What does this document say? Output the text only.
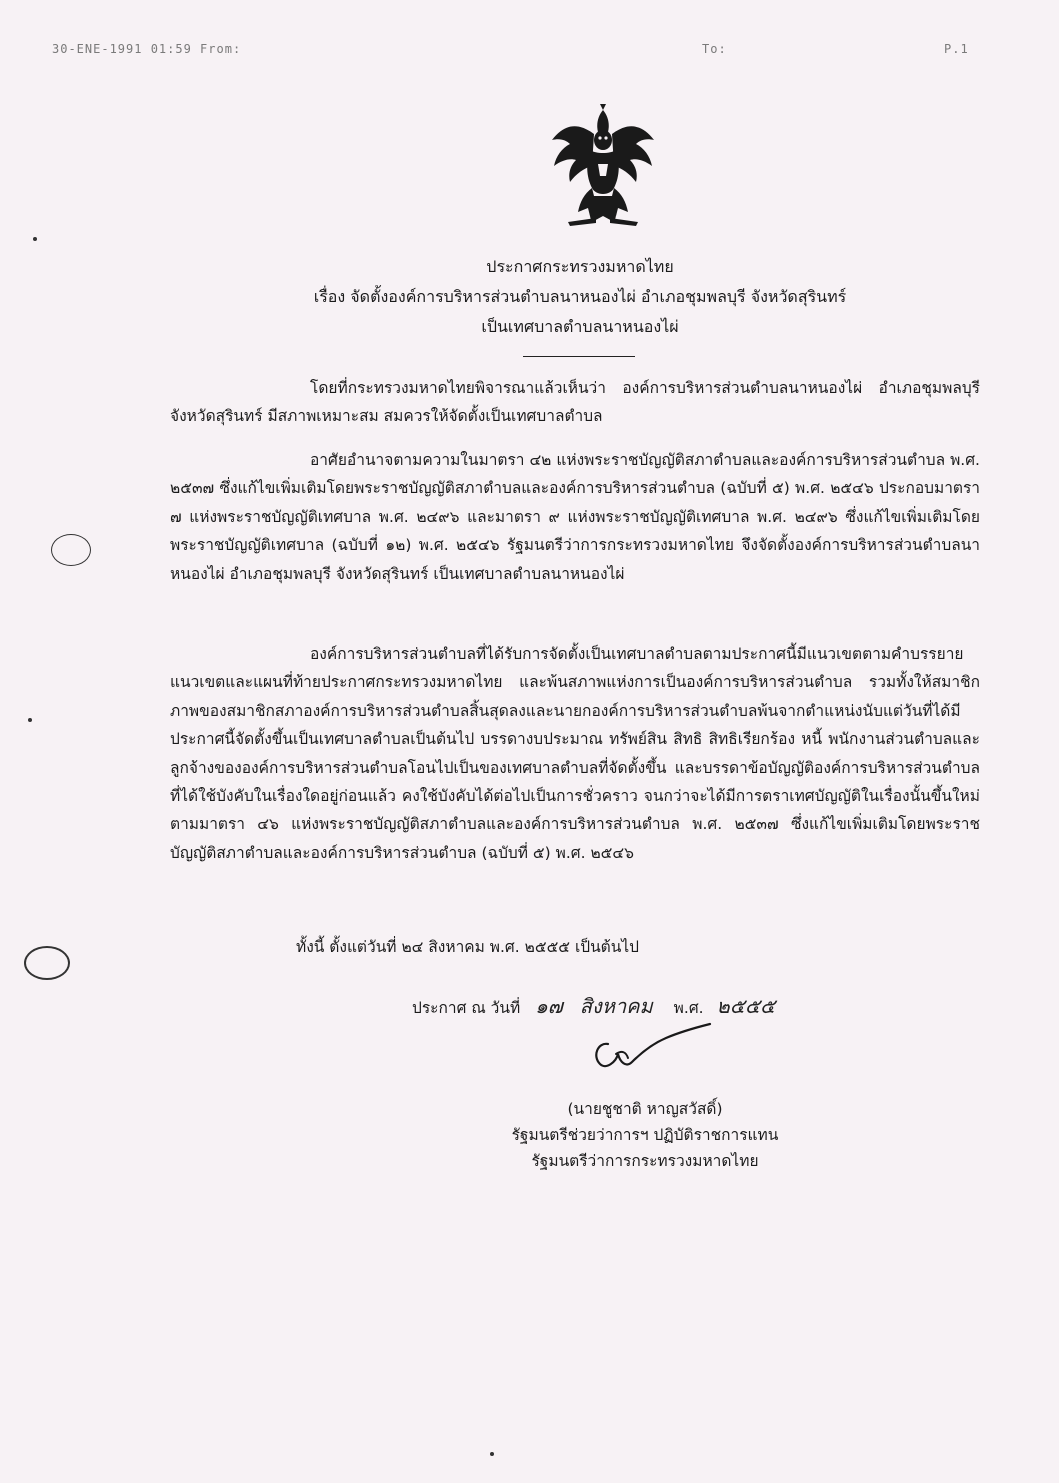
30-ENE-1991 01:59 From:	To:	P.1
ประกาศกระทรวงมหาดไทย
เรื่อง จัดตั้งองค์การบริหารส่วนตำบลนาหนองไผ่ อำเภอชุมพลบุรี จังหวัดสุรินทร์
เป็นเทศบาลตำบลนาหนองไผ่

โดยที่กระทรวงมหาดไทยพิจารณาแล้วเห็นว่า องค์การบริหารส่วนตำบลนาหนองไผ่ อำเภอชุมพลบุรี จังหวัดสุรินทร์ มีสภาพเหมาะสม สมควรให้จัดตั้งเป็นเทศบาลตำบล

อาศัยอำนาจตามความในมาตรา ๔๒ แห่งพระราชบัญญัติสภาตำบลและองค์การบริหารส่วนตำบล พ.ศ. ๒๕๓๗ ซึ่งแก้ไขเพิ่มเติมโดยพระราชบัญญัติสภาตำบลและองค์การบริหารส่วนตำบล (ฉบับที่ ๕) พ.ศ. ๒๕๔๖ ประกอบมาตรา ๗ แห่งพระราชบัญญัติเทศบาล พ.ศ. ๒๔๙๖ และมาตรา ๙ แห่งพระราชบัญญัติเทศบาล พ.ศ. ๒๔๙๖ ซึ่งแก้ไขเพิ่มเติมโดยพระราชบัญญัติเทศบาล (ฉบับที่ ๑๒) พ.ศ. ๒๕๔๖ รัฐมนตรีว่าการกระทรวงมหาดไทย จึงจัดตั้งองค์การบริหารส่วนตำบลนาหนองไผ่ อำเภอชุมพลบุรี จังหวัดสุรินทร์ เป็นเทศบาลตำบลนาหนองไผ่

องค์การบริหารส่วนตำบลที่ได้รับการจัดตั้งเป็นเทศบาลตำบลตามประกาศนี้มีแนวเขตตามคำบรรยายแนวเขตและแผนที่ท้ายประกาศกระทรวงมหาดไทย และพ้นสภาพแห่งการเป็นองค์การบริหารส่วนตำบล รวมทั้งให้สมาชิกภาพของสมาชิกสภาองค์การบริหารส่วนตำบลสิ้นสุดลงและนายกองค์การบริหารส่วนตำบลพ้นจากตำแหน่งนับแต่วันที่ได้มีประกาศนี้จัดตั้งขึ้นเป็นเทศบาลตำบลเป็นต้นไป บรรดางบประมาณ ทรัพย์สิน สิทธิ สิทธิเรียกร้อง หนี้ พนักงานส่วนตำบลและลูกจ้างขององค์การบริหารส่วนตำบลโอนไปเป็นของเทศบาลตำบลที่จัดตั้งขึ้น และบรรดาข้อบัญญัติองค์การบริหารส่วนตำบลที่ได้ใช้บังคับในเรื่องใดอยู่ก่อนแล้ว คงใช้บังคับได้ต่อไปเป็นการชั่วคราว จนกว่าจะได้มีการตราเทศบัญญัติในเรื่องนั้นขึ้นใหม่ ตามมาตรา ๔๖ แห่งพระราชบัญญัติสภาตำบลและองค์การบริหารส่วนตำบล พ.ศ. ๒๕๓๗ ซึ่งแก้ไขเพิ่มเติมโดยพระราชบัญญัติสภาตำบลและองค์การบริหารส่วนตำบล (ฉบับที่ ๕) พ.ศ. ๒๕๔๖

ทั้งนี้ ตั้งแต่วันที่ ๒๔ สิงหาคม พ.ศ. ๒๕๕๕ เป็นต้นไป
ประกาศ ณ วันที่ ๑๗ สิงหาคม พ.ศ. ๒๕๕๕
(นายชูชาติ หาญสวัสดิ์)
รัฐมนตรีช่วยว่าการฯ ปฏิบัติราชการแทน
รัฐมนตรีว่าการกระทรวงมหาดไทย
